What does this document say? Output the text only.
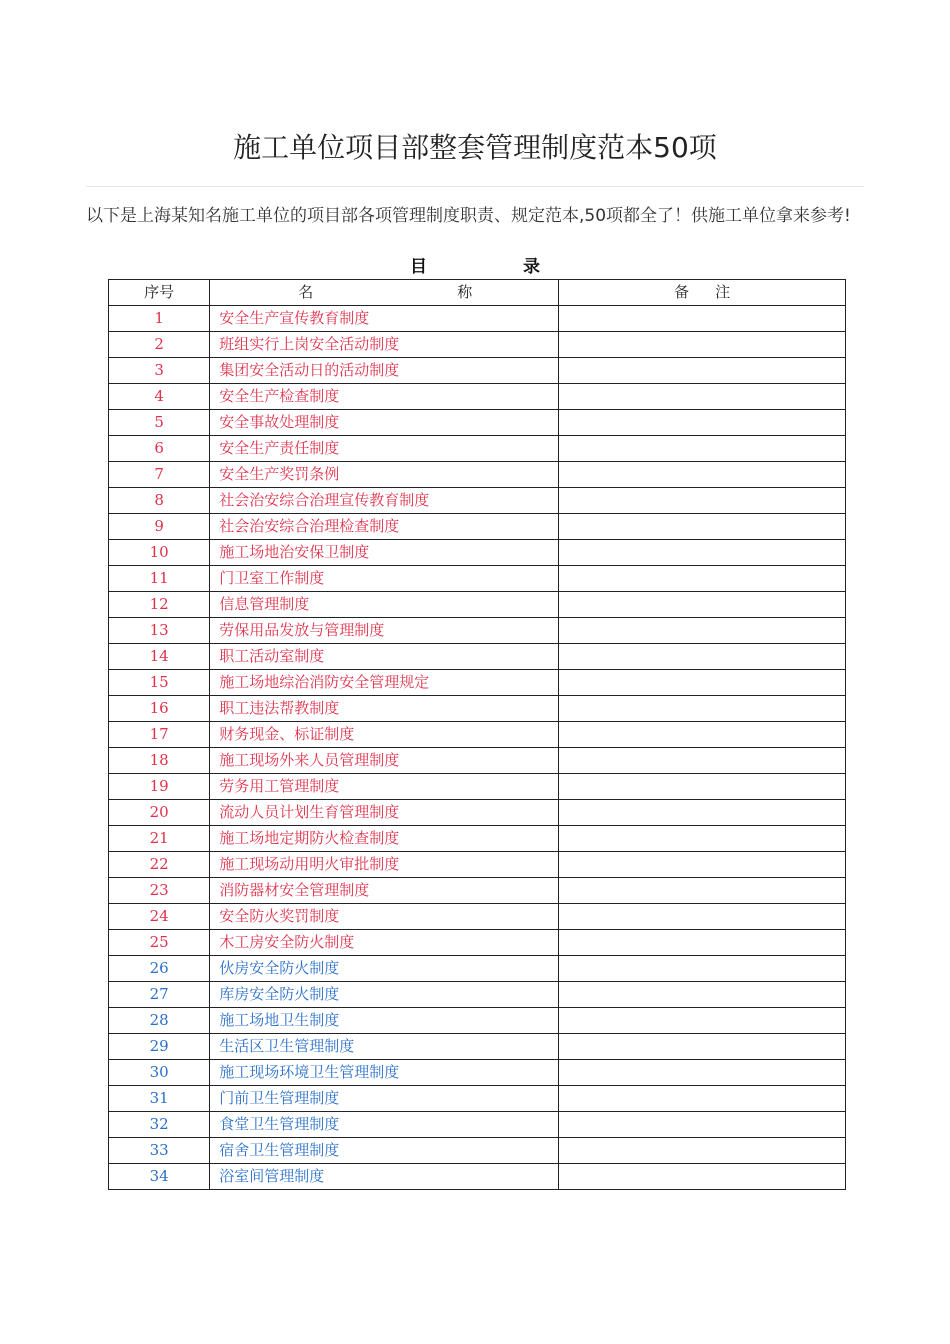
施工单位项目部整套管理制度范本50项

以下是上海某知名施工单位的项目部各项管理制度职责、规定范本,50项都全了！供施工单位拿来参考!

目	录
序号	名 称	备 注
1	安全生产宣传教育制度	
2	班组实行上岗安全活动制度	
3	集团安全活动日的活动制度	
4	安全生产检查制度	
5	安全事故处理制度	
6	安全生产责任制度	
7	安全生产奖罚条例	
8	社会治安综合治理宣传教育制度	
9	社会治安综合治理检查制度	
10	施工场地治安保卫制度	
11	门卫室工作制度	
12	信息管理制度	
13	劳保用品发放与管理制度	
14	职工活动室制度	
15	施工场地综治消防安全管理规定	
16	职工违法帮教制度	
17	财务现金、标证制度	
18	施工现场外来人员管理制度	
19	劳务用工管理制度	
20	流动人员计划生育管理制度	
21	施工场地定期防火检查制度	
22	施工现场动用明火审批制度	
23	消防器材安全管理制度	
24	安全防火奖罚制度	
25	木工房安全防火制度	
26	伙房安全防火制度	
27	库房安全防火制度	
28	施工场地卫生制度	
29	生活区卫生管理制度	
30	施工现场环境卫生管理制度	
31	门前卫生管理制度	
32	食堂卫生管理制度	
33	宿舍卫生管理制度	
34	浴室间管理制度	
